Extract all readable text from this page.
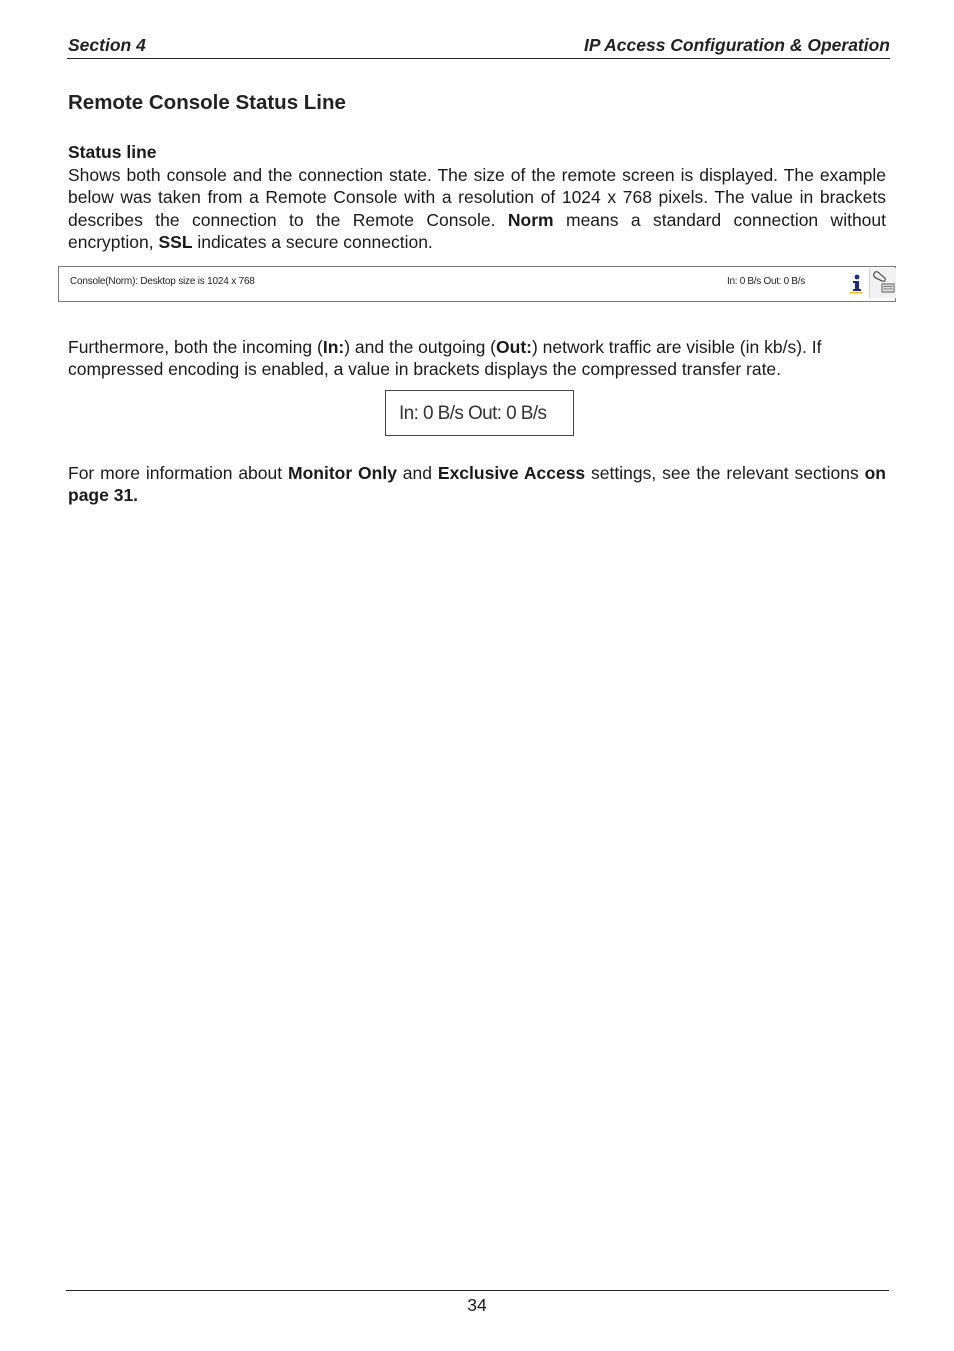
Section 4	IP Access Configuration & Operation
Remote Console Status Line
Status line
Shows both console and the connection state. The size of the remote screen is displayed. The example below was taken from a Remote Console with a resolution of 1024 x 768 pixels. The value in brackets describes the connection to the Remote Console. Norm means a standard connection without encryption, SSL indicates a secure connection.
Console(Norm): Desktop size is 1024 x 768	In: 0 B/s Out: 0 B/s
Furthermore, both the incoming (In:) and the outgoing (Out:) network traffic are visible (in kb/s). If compressed encoding is enabled, a value in brackets displays the compressed transfer rate.
In: 0 B/s Out: 0 B/s
For more information about Monitor Only and Exclusive Access settings, see the relevant sections on page 31.
34
